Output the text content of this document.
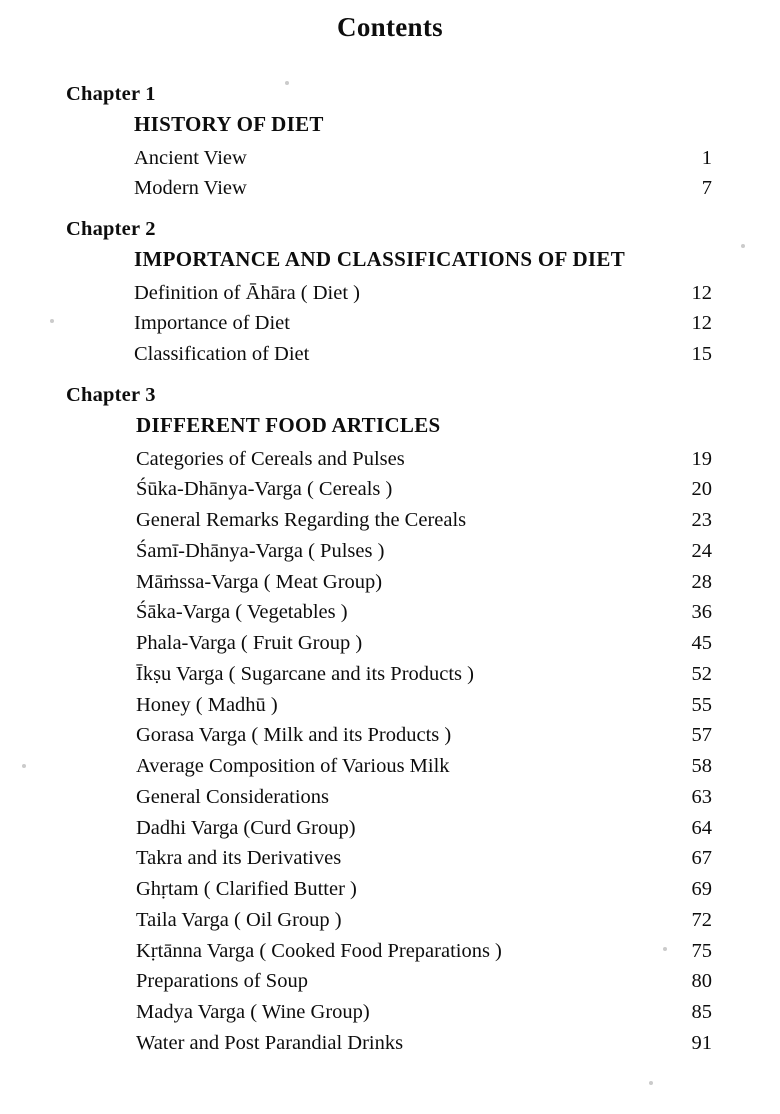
Contents
Chapter 1
HISTORY OF DIET
Ancient View	1
Modern View	7
Chapter 2
IMPORTANCE AND CLASSIFICATIONS OF DIET
Definition of Āhāra ( Diet )	12
Importance of Diet	12
Classification of Diet	15
Chapter 3
DIFFERENT FOOD ARTICLES
Categories of Cereals and Pulses	19
Śūka-Dhānya-Varga ( Cereals )	20
General Remarks Regarding the Cereals	23
Śamī-Dhānya-Varga ( Pulses )	24
Māṁssa-Varga ( Meat Group)	28
Śāka-Varga ( Vegetables )	36
Phala-Varga ( Fruit Group )	45
Īkṣu Varga ( Sugarcane and its Products )	52
Honey ( Madhū )	55
Gorasa Varga ( Milk and its Products )	57
Average Composition of Various Milk	58
General Considerations	63
Dadhi Varga (Curd Group)	64
Takra and its Derivatives	67
Ghṛtam ( Clarified Butter )	69
Taila Varga ( Oil Group )	72
Kṛtānna Varga ( Cooked Food Preparations )	75
Preparations of Soup	80
Madya Varga ( Wine Group)	85
Water and Post Parandial Drinks	91
